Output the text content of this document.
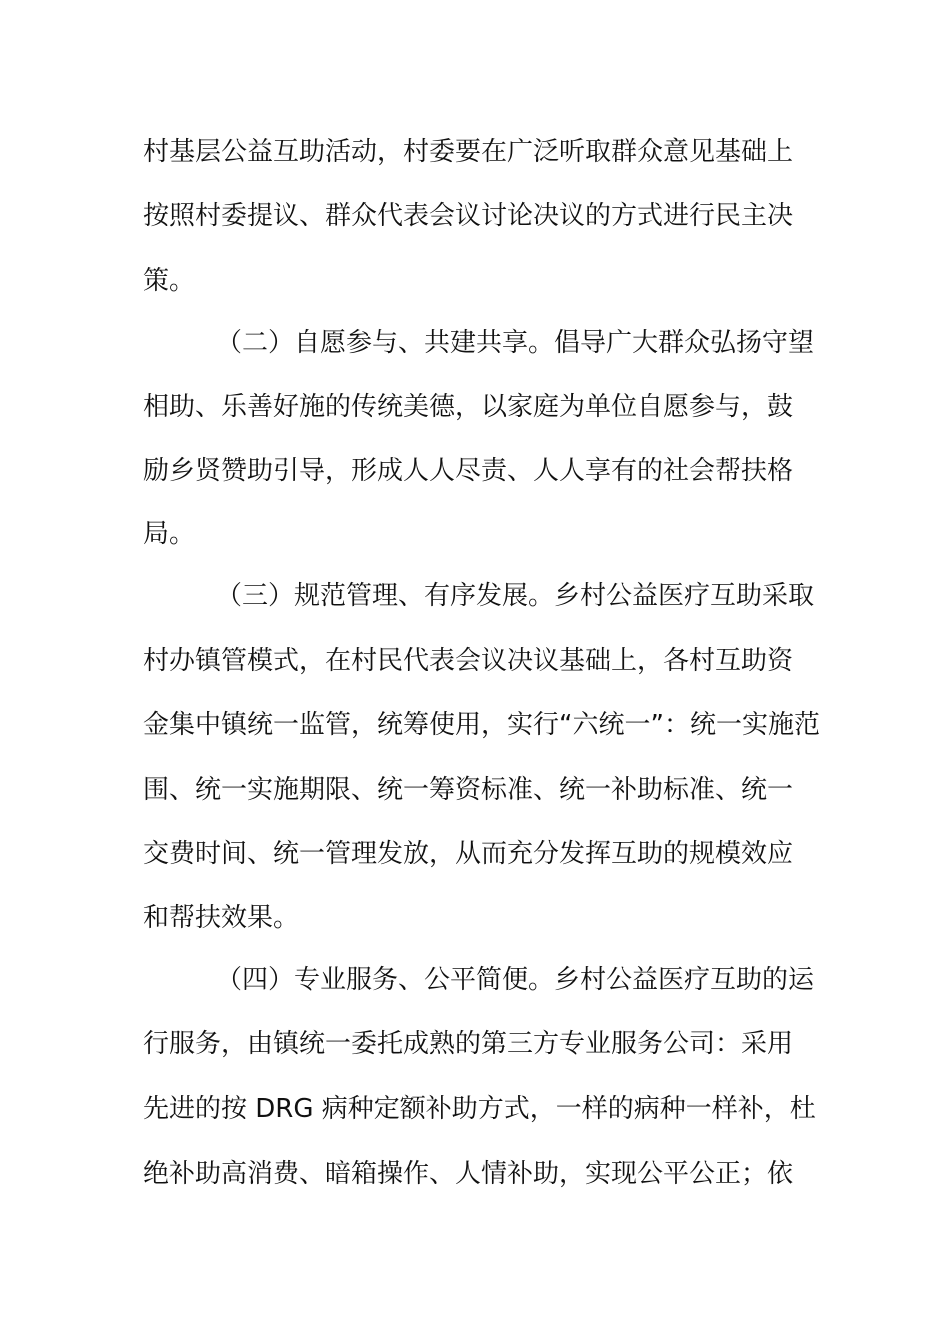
村基层公益互助活动，村委要在广泛听取群众意见基础上
按照村委提议、群众代表会议讨论决议的方式进行民主决
策。
（二）自愿参与、共建共享。倡导广大群众弘扬守望
相助、乐善好施的传统美德，以家庭为单位自愿参与，鼓
励乡贤赞助引导，形成人人尽责、人人享有的社会帮扶格
局。
（三）规范管理、有序发展。乡村公益医疗互助采取
村办镇管模式，在村民代表会议决议基础上，各村互助资
金集中镇统一监管，统筹使用，实行“六统一”：统一实施范
围、统一实施期限、统一筹资标准、统一补助标准、统一
交费时间、统一管理发放，从而充分发挥互助的规模效应
和帮扶效果。
（四）专业服务、公平简便。乡村公益医疗互助的运
行服务，由镇统一委托成熟的第三方专业服务公司：采用
先进的按 DRG 病种定额补助方式，一样的病种一样补，杜
绝补助高消费、暗箱操作、人情补助，实现公平公正；依
